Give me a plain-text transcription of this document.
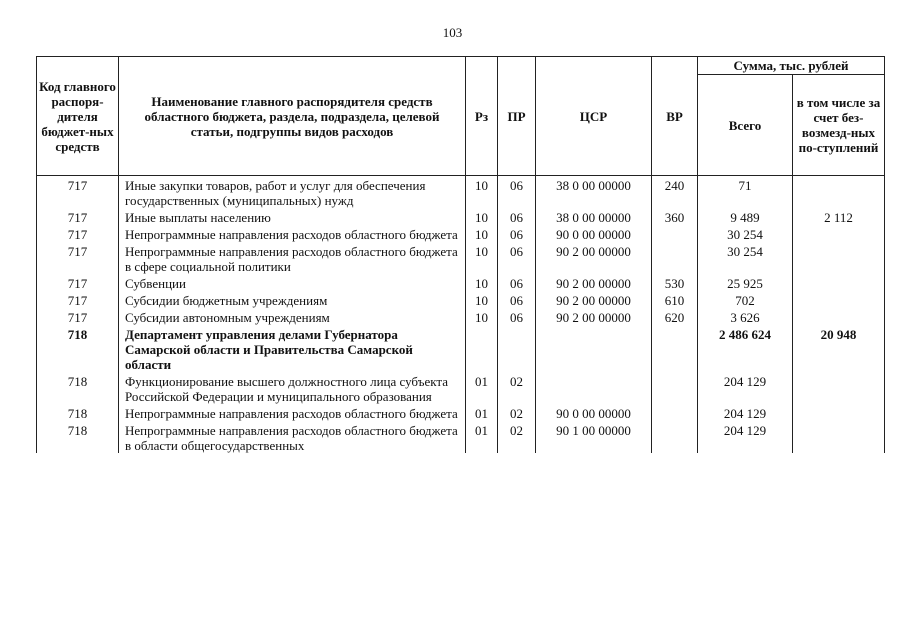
103
Код главного распоря-дителя бюджет-ных средств	Наименование главного распорядителя средств областного бюджета, раздела, подраздела, целевой статьи, подгруппы видов расходов	Рз	ПР	ЦСР	ВР	Сумма, тыс. рублей	
						Всего	в том числе за счет без-возмезд-ных по-ступлений
717	Иные закупки товаров, работ и услуг для обеспечения государственных (муниципальных) нужд	10	06	38 0 00 00000	240	71	
717	Иные выплаты населению	10	06	38 0 00 00000	360	9 489	2 112
717	Непрограммные направления расходов областного бюджета	10	06	90 0 00 00000		30 254	
717	Непрограммные направления расходов областного бюджета в сфере социальной политики	10	06	90 2 00 00000		30 254	
717	Субвенции	10	06	90 2 00 00000	530	25 925	
717	Субсидии бюджетным учреждениям	10	06	90 2 00 00000	610	702	
717	Субсидии автономным учреждениям	10	06	90 2 00 00000	620	3 626	
718	Департамент управления делами Губернатора Самарской области и Правительства Самарской области					2 486 624	20 948
718	Функционирование высшего должностного лица субъекта Российской Федерации и муниципального образования	01	02			204 129	
718	Непрограммные направления расходов областного бюджета	01	02	90 0 00 00000		204 129	
718	Непрограммные направления расходов областного бюджета в области общегосударственных	01	02	90 1 00 00000		204 129	
